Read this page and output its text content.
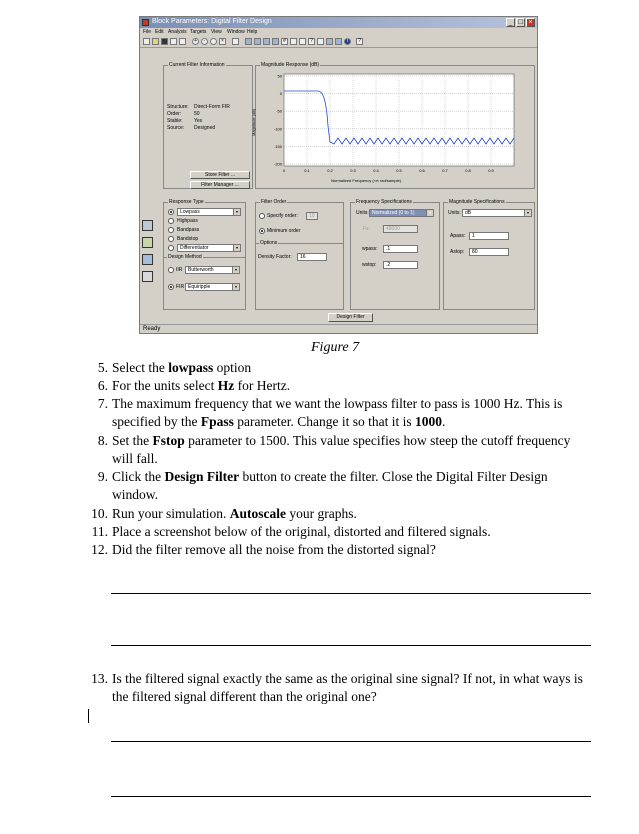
Block Parameters: Digital Filter Design	_ □ ×
File Edit Analysis Targets View Window Help
+	-	×	#	?	i	?
Current Filter Information
Structure: Direct-Form FIR
Order:	50
Stable: Yes
Source: Designed
Store Filter ...
Filter Manager ...
Magnitude Response (dB)
Magnitude (dB)
50
0
-50
-100
-150
-200
0	0.1	0.2	0.3	0.4	0.5	0.6	0.7	0.8	0.9
Normalized Frequency (×π rad/sample)
Response Type
Lowpass	▾
Highpass
Bandpass
Bandstop
Differentiator	▾
Design Method
IIR	Butterworth	▾
FIR Equiripple	▾
Filter Order
Specify order:	10
Minimum order
Options
Density Factor:	16
Frequency Specifications
Units: Normalized (0 to 1)	▾
Fs:	48000
wpass:	.1
wstop:	.2
Magnitude Specifications
Units: dB	▾
Apass:	1
Astop:	80
Design Filter
Ready
Figure 7
5. Select the lowpass option
6. For the units select Hz for Hertz.
7. The maximum frequency that we want the lowpass filter to pass is 1000 Hz. This is specified by the Fpass parameter. Change it so that it is 1000.
8. Set the Fstop parameter to 1500. This value specifies how steep the cutoff frequency will fall.
9. Click the Design Filter button to create the filter. Close the Digital Filter Design window.
10. Run your simulation. Autoscale your graphs.
11. Place a screenshot below of the original, distorted and filtered signals.
12. Did the filter remove all the noise from the distorted signal?
13. Is the filtered signal exactly the same as the original sine signal? If not, in what ways is the filtered signal different than the original one?
